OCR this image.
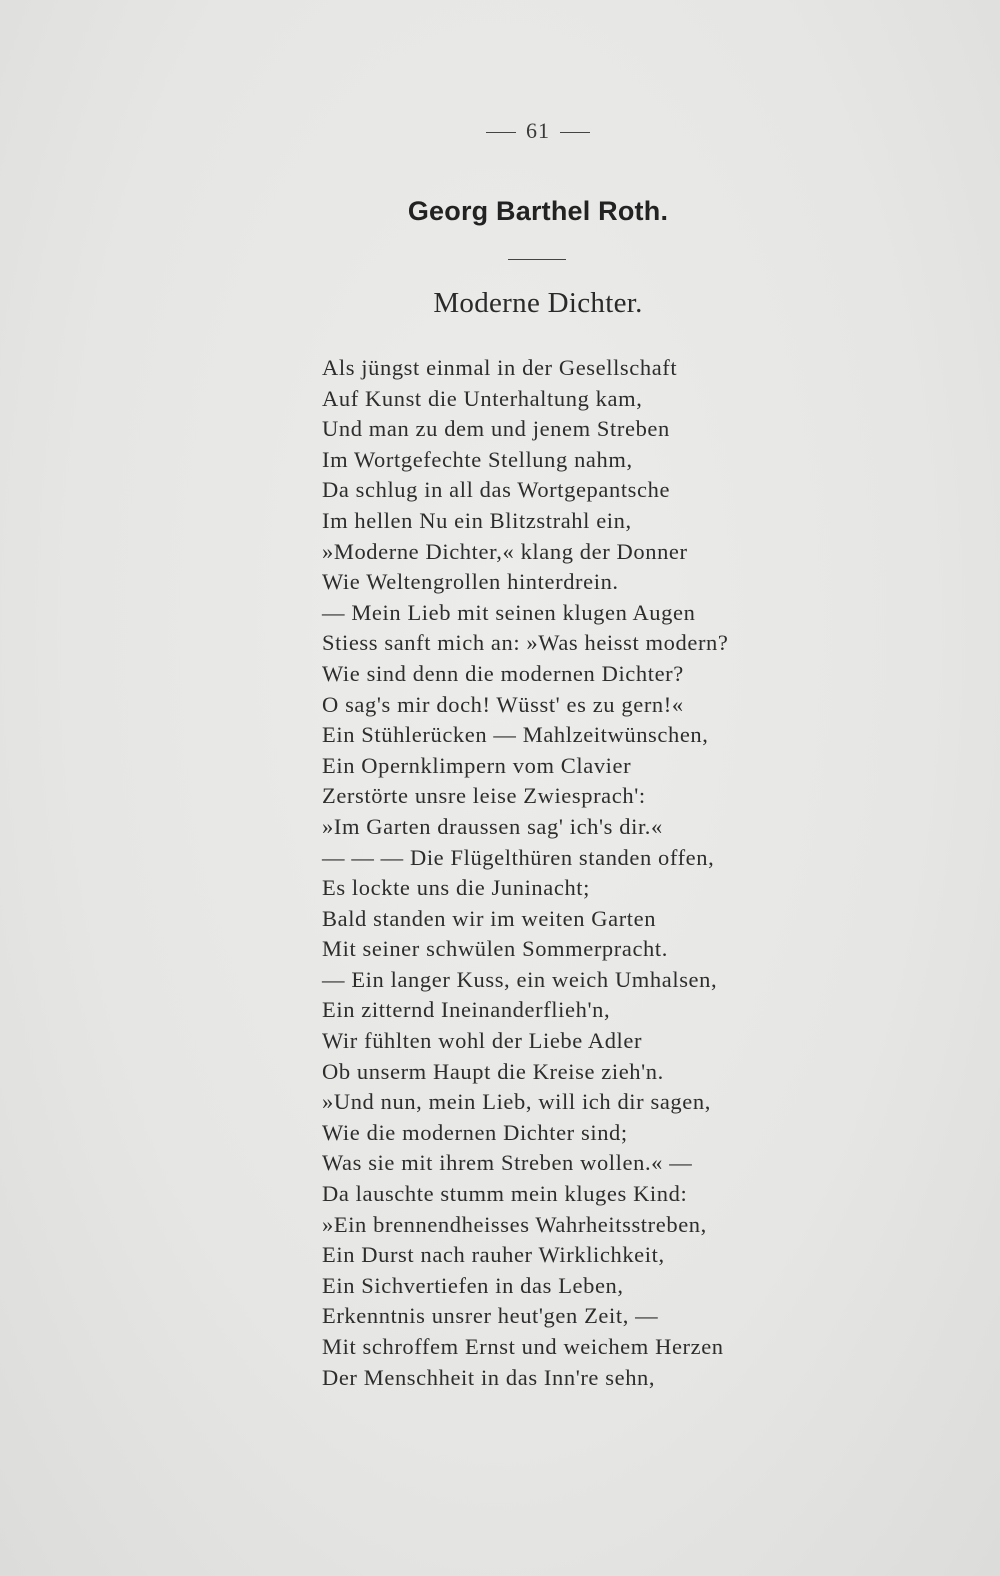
61
Georg Barthel Roth.
Moderne Dichter.
Als jüngst einmal in der Gesellschaft
Auf Kunst die Unterhaltung kam,
Und man zu dem und jenem Streben
Im Wortgefechte Stellung nahm,
Da schlug in all das Wortgepantsche
Im hellen Nu ein Blitzstrahl ein,
»Moderne Dichter,« klang der Donner
Wie Weltengrollen hinterdrein.
— Mein Lieb mit seinen klugen Augen
Stiess sanft mich an: »Was heisst modern?
Wie sind denn die modernen Dichter?
O sag's mir doch! Wüsst' es zu gern!«
Ein Stühlerücken — Mahlzeitwünschen,
Ein Opernklimpern vom Clavier
Zerstörte unsre leise Zwiesprach':
»Im Garten draussen sag' ich's dir.«
— — — Die Flügelthüren standen offen,
Es lockte uns die Juninacht;
Bald standen wir im weiten Garten
Mit seiner schwülen Sommerpracht.
— Ein langer Kuss, ein weich Umhalsen,
Ein zitternd Ineinanderflieh'n,
Wir fühlten wohl der Liebe Adler
Ob unserm Haupt die Kreise zieh'n.
»Und nun, mein Lieb, will ich dir sagen,
Wie die modernen Dichter sind;
Was sie mit ihrem Streben wollen.« —
Da lauschte stumm mein kluges Kind:
»Ein brennendheisses Wahrheitsstreben,
Ein Durst nach rauher Wirklichkeit,
Ein Sichvertiefen in das Leben,
Erkenntnis unsrer heut'gen Zeit, —
Mit schroffem Ernst und weichem Herzen
Der Menschheit in das Inn're sehn,
